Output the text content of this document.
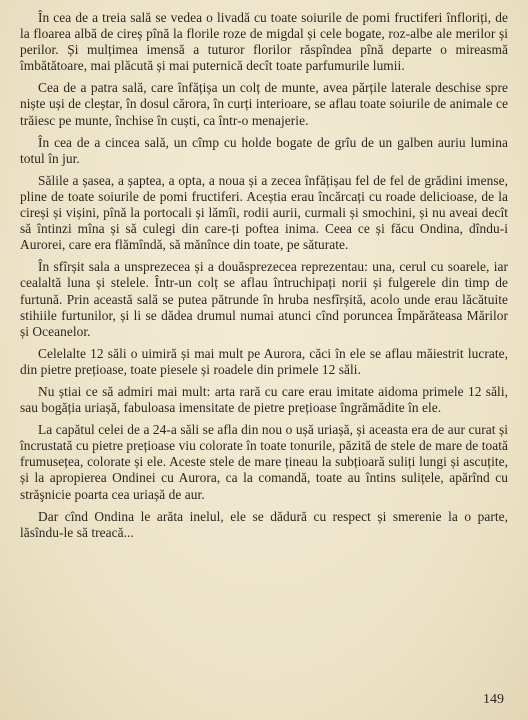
În cea de a treia sală se vedea o livadă cu toate soiurile de pomi fructiferi înfloriți, de la floarea albă de cireș pînă la florile roze de migdal și cele bogate, roz-albe ale merilor și perilor. Și mulțimea imensă a tuturor florilor răspîndea pînă departe o mireasmă îmbătătoare, mai plăcută și mai puternică decît toate parfumurile lumii.

Cea de a patra sală, care înfățișa un colț de munte, avea părțile laterale deschise spre niște uși de cleștar, în dosul cărora, în curți interioare, se aflau toate soiurile de animale ce trăiesc pe munte, închise în cuști, ca într-o menajerie.

În cea de a cincea sală, un cîmp cu holde bogate de grîu de un galben auriu lumina totul în jur.

Sălile a șasea, a șaptea, a opta, a noua și a zecea înfățișau fel de fel de grădini imense, pline de toate soiurile de pomi fructiferi. Aceștia erau încărcați cu roade delicioase, de la cireși și vișini, pînă la portocali și lămîi, rodii aurii, curmali și smochini, și nu aveai decît să întinzi mîna și să culegi din care-ți poftea inima. Ceea ce și făcu Ondina, dîndu-i Aurorei, care era flămîndă, să mănînce din toate, pe săturate.

În sfîrșit sala a unsprezecea și a douăsprezecea reprezentau: una, cerul cu soarele, iar cealaltă luna și stelele. Într-un colț se aflau întruchipați norii și fulgerele din timp de furtună. Prin această sală se putea pătrunde în hruba nesfîrșită, acolo unde erau lăcătuite stihiile furtunilor, și li se dădea drumul numai atunci cînd poruncea Împărăteasa Mărilor și Oceanelor.

Celelalte 12 săli o uimiră și mai mult pe Aurora, căci în ele se aflau măiestrit lucrate, din pietre prețioase, toate piesele și roadele din primele 12 săli.

Nu știai ce să admiri mai mult: arta rară cu care erau imitate aidoma primele 12 săli, sau bogăția uriașă, fabuloasa imensitate de pietre prețioase îngrămădite în ele.

La capătul celei de a 24-a săli se afla din nou o ușă uriașă, și aceasta era de aur curat și încrustată cu pietre prețioase viu colorate în toate tonurile, păzită de stele de mare de toată frumusețea, colorate și ele. Aceste stele de mare țineau la subțioară suliți lungi și ascuțite, și la apropierea Ondinei cu Aurora, ca la comandă, toate au întins sulițele, apărînd cu străşnicie poarta cea uriașă de aur.

Dar cînd Ondina le arăta inelul, ele se dădură cu respect și smerenie la o parte, lăsîndu-le să treacă...

149
